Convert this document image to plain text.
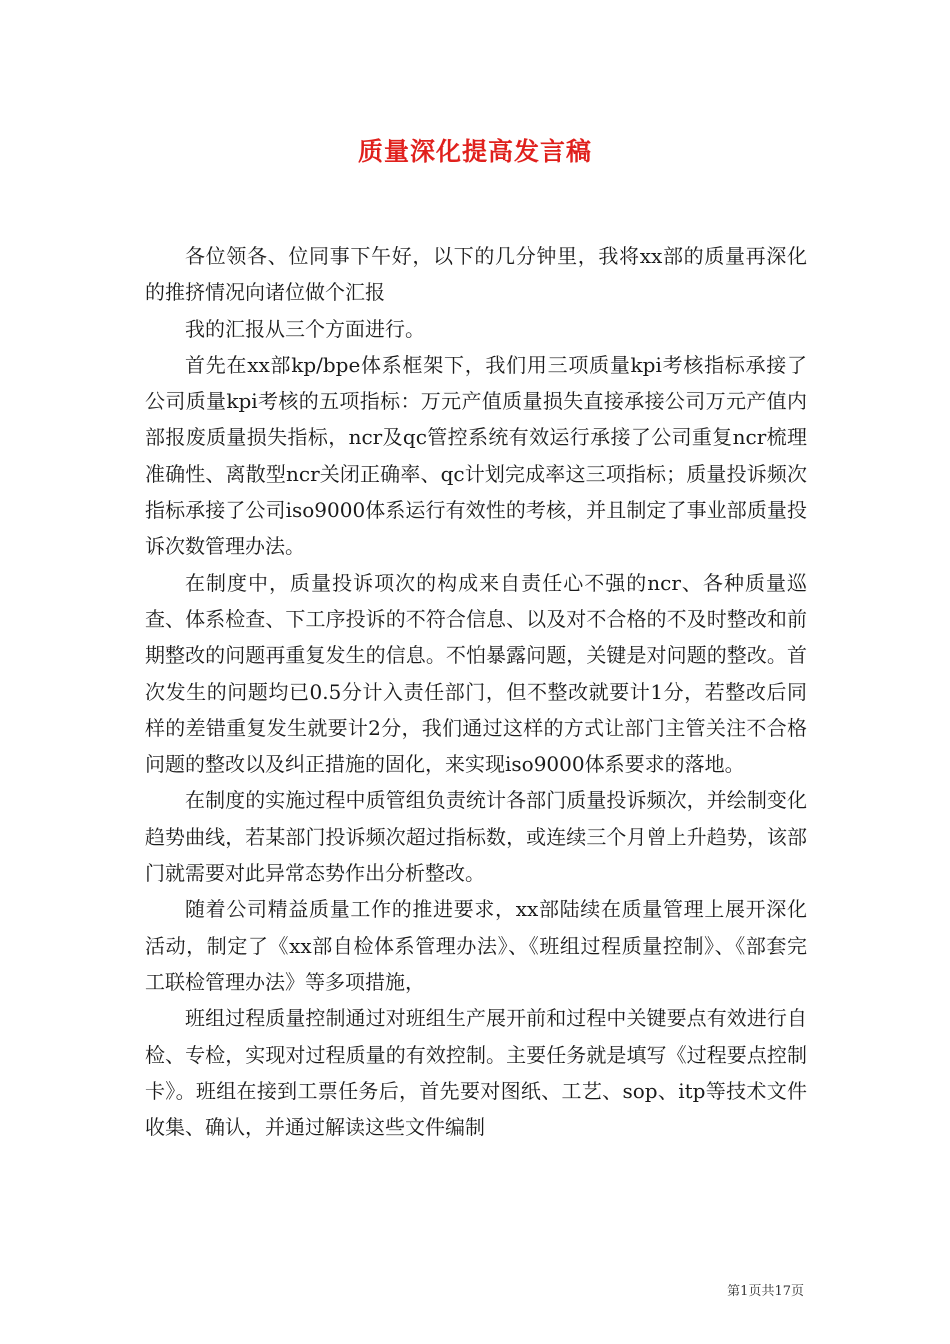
质量深化提高发言稿

各位领各、位同事下午好，以下的几分钟里，我将xx部的质量再深化的推挤情况向诸位做个汇报

我的汇报从三个方面进行。

首先在xx部kp/bpe体系框架下，我们用三项质量kpi考核指标承接了公司质量kpi考核的五项指标：万元产值质量损失直接承接公司万元产值内部报废质量损失指标，ncr及qc管控系统有效运行承接了公司重复ncr梳理准确性、离散型ncr关闭正确率、qc计划完成率这三项指标；质量投诉频次指标承接了公司iso9000体系运行有效性的考核，并且制定了事业部质量投诉次数管理办法。

在制度中，质量投诉项次的构成来自责任心不强的ncr、各种质量巡查、体系检查、下工序投诉的不符合信息、以及对不合格的不及时整改和前期整改的问题再重复发生的信息。不怕暴露问题，关键是对问题的整改。首次发生的问题均已0.5分计入责任部门，但不整改就要计1分，若整改后同样的差错重复发生就要计2分，我们通过这样的方式让部门主管关注不合格问题的整改以及纠正措施的固化，来实现iso9000体系要求的落地。

在制度的实施过程中质管组负责统计各部门质量投诉频次，并绘制变化趋势曲线，若某部门投诉频次超过指标数，或连续三个月曾上升趋势，该部门就需要对此异常态势作出分析整改。

随着公司精益质量工作的推进要求，xx部陆续在质量管理上展开深化活动，制定了《xx部自检体系管理办法》、《班组过程质量控制》、《部套完工联检管理办法》等多项措施，

班组过程质量控制通过对班组生产展开前和过程中关键要点有效进行自检、专检，实现对过程质量的有效控制。主要任务就是填写《过程要点控制卡》。班组在接到工票任务后，首先要对图纸、工艺、sop、itp等技术文件收集、确认，并通过解读这些文件编制

第1页共17页
